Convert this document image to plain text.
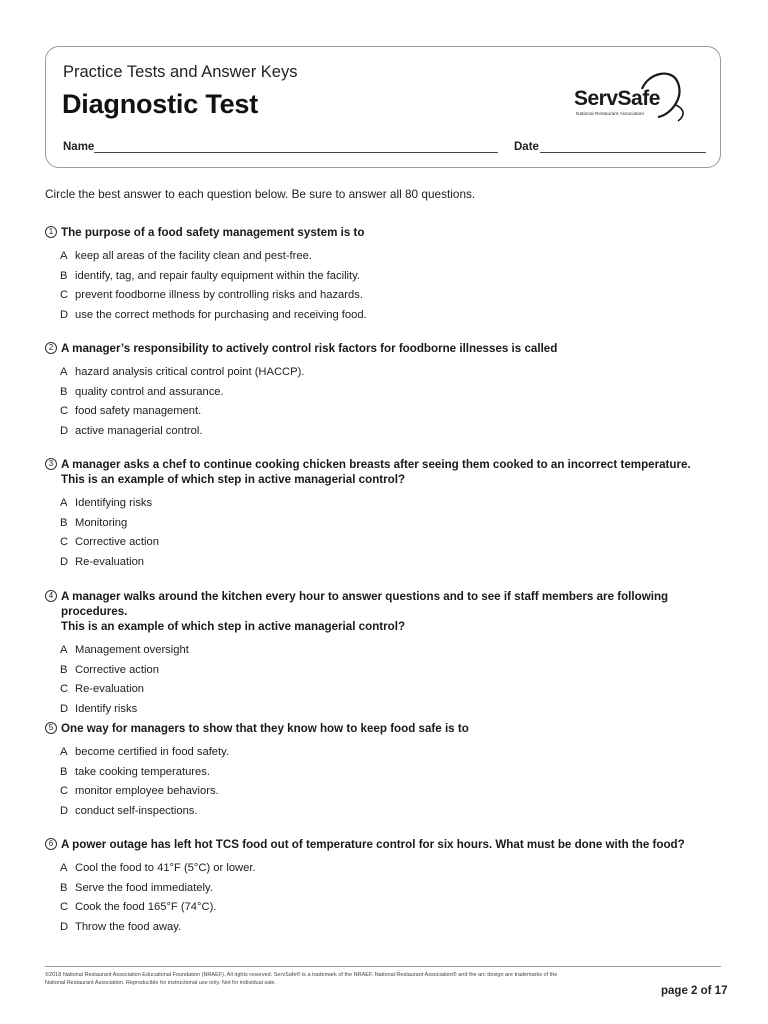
Practice Tests and Answer Keys
Diagnostic Test	ServSafe
National Restaurant Association
Name	Date
Circle the best answer to each question below. Be sure to answer all 80 questions.
1 The purpose of a food safety management system is to
A keep all areas of the facility clean and pest-free.
B identify, tag, and repair faulty equipment within the facility.
C prevent foodborne illness by controlling risks and hazards.
D use the correct methods for purchasing and receiving food.
2 A manager’s responsibility to actively control risk factors for foodborne illnesses is called
A hazard analysis critical control point (HACCP).
B quality control and assurance.
C food safety management.
D active managerial control.
3 A manager asks a chef to continue cooking chicken breasts after seeing them cooked to an incorrect temperature.
This is an example of which step in active managerial control?
A Identifying risks
B Monitoring
C Corrective action
D Re-evaluation
4 A manager walks around the kitchen every hour to answer questions and to see if staff members are following procedures.
This is an example of which step in active managerial control?
A Management oversight
B Corrective action
C Re-evaluation
D Identify risks
5 One way for managers to show that they know how to keep food safe is to
A become certified in food safety.
B take cooking temperatures.
C monitor employee behaviors.
D conduct self-inspections.
6 A power outage has left hot TCS food out of temperature control for six hours. What must be done with the food?
A Cool the food to 41°F (5°C) or lower.
B Serve the food immediately.
C Cook the food 165°F (74°C).
D Throw the food away.
©2018 National Restaurant Association Educational Foundation (NRAEF). All rights reserved. ServSafe® is a trademark of the NRAEF. National Restaurant Association® and the arc design are trademarks of the
National Restaurant Association. Reproducible for instructional use only. Not for individual sale.
page 2 of 17
